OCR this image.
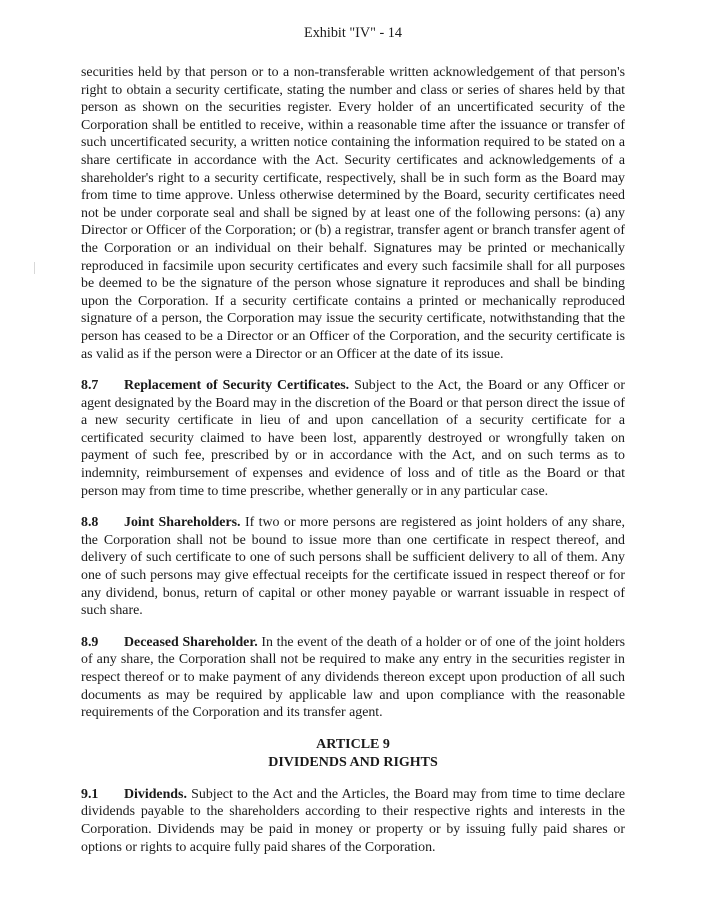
Exhibit "IV" - 14

securities held by that person or to a non-transferable written acknowledgement of that person's right to obtain a security certificate, stating the number and class or series of shares held by that person as shown on the securities register. Every holder of an uncertificated security of the Corporation shall be entitled to receive, within a reasonable time after the issuance or transfer of such uncertificated security, a written notice containing the information required to be stated on a share certificate in accordance with the Act. Security certificates and acknowledgements of a shareholder's right to a security certificate, respectively, shall be in such form as the Board may from time to time approve. Unless otherwise determined by the Board, security certificates need not be under corporate seal and shall be signed by at least one of the following persons: (a) any Director or Officer of the Corporation; or (b) a registrar, transfer agent or branch transfer agent of the Corporation or an individual on their behalf. Signatures may be printed or mechanically reproduced in facsimile upon security certificates and every such facsimile shall for all purposes be deemed to be the signature of the person whose signature it reproduces and shall be binding upon the Corporation. If a security certificate contains a printed or mechanically reproduced signature of a person, the Corporation may issue the security certificate, notwithstanding that the person has ceased to be a Director or an Officer of the Corporation, and the security certificate is as valid as if the person were a Director or an Officer at the date of its issue.

8.7 Replacement of Security Certificates. Subject to the Act, the Board or any Officer or agent designated by the Board may in the discretion of the Board or that person direct the issue of a new security certificate in lieu of and upon cancellation of a security certificate for a certificated security claimed to have been lost, apparently destroyed or wrongfully taken on payment of such fee, prescribed by or in accordance with the Act, and on such terms as to indemnity, reimbursement of expenses and evidence of loss and of title as the Board or that person may from time to time prescribe, whether generally or in any particular case.

8.8 Joint Shareholders. If two or more persons are registered as joint holders of any share, the Corporation shall not be bound to issue more than one certificate in respect thereof, and delivery of such certificate to one of such persons shall be sufficient delivery to all of them. Any one of such persons may give effectual receipts for the certificate issued in respect thereof or for any dividend, bonus, return of capital or other money payable or warrant issuable in respect of such share.

8.9 Deceased Shareholder. In the event of the death of a holder or of one of the joint holders of any share, the Corporation shall not be required to make any entry in the securities register in respect thereof or to make payment of any dividends thereon except upon production of all such documents as may be required by applicable law and upon compliance with the reasonable requirements of the Corporation and its transfer agent.

ARTICLE 9
DIVIDENDS AND RIGHTS

9.1 Dividends. Subject to the Act and the Articles, the Board may from time to time declare dividends payable to the shareholders according to their respective rights and interests in the Corporation. Dividends may be paid in money or property or by issuing fully paid shares or options or rights to acquire fully paid shares of the Corporation.
